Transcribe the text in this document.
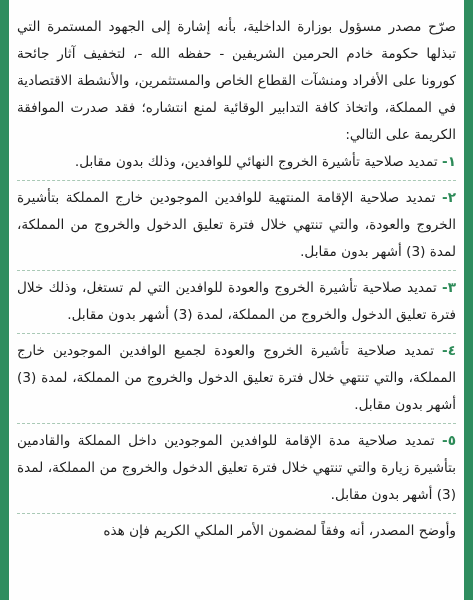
صرّح مصدر مسؤول بوزارة الداخلية، بأنه إشارة إلى الجهود المستمرة التي تبذلها حكومة خادم الحرمين الشريفين - حفظه الله -، لتخفيف آثار جائحة كورونا على الأفراد ومنشآت القطاع الخاص والمستثمرين، والأنشطة الاقتصادية في المملكة، واتخاذ كافة التدابير الوقائية لمنع انتشاره؛ فقد صدرت الموافقة الكريمة على التالي:

١- تمديد صلاحية تأشيرة الخروج النهائي للوافدين، وذلك بدون مقابل.

٢- تمديد صلاحية الإقامة المنتهية للوافدين الموجودين خارج المملكة بتأشيرة الخروج والعودة، والتي تنتهي خلال فترة تعليق الدخول والخروج من المملكة، لمدة (3) أشهر بدون مقابل.

٣- تمديد صلاحية تأشيرة الخروج والعودة للوافدين التي لم تستغل، وذلك خلال فترة تعليق الدخول والخروج من المملكة، لمدة (3) أشهر بدون مقابل.

٤- تمديد صلاحية تأشيرة الخروج والعودة لجميع الوافدين الموجودين خارج المملكة، والتي تنتهي خلال فترة تعليق الدخول والخروج من المملكة، لمدة (3) أشهر بدون مقابل.

٥- تمديد صلاحية مدة الإقامة للوافدين الموجودين داخل المملكة والقادمين بتأشيرة زيارة والتي تنتهي خلال فترة تعليق الدخول والخروج من المملكة، لمدة (3) أشهر بدون مقابل.

وأوضح المصدر، أنه وفقاً لمضمون الأمر الملكي الكريم فإن هذه
